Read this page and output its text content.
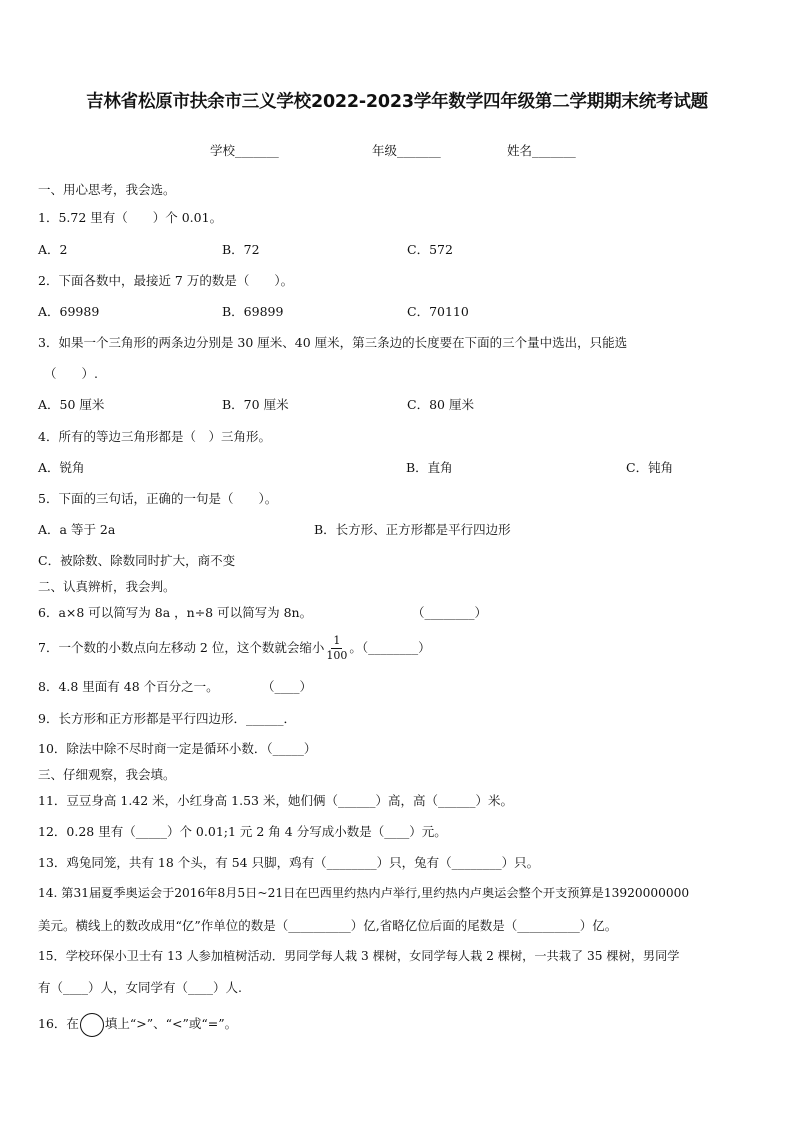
吉林省松原市扶余市三义学校2022-2023学年数学四年级第二学期期末统考试题
学校_______	年级_______	姓名_______
一、用心思考，我会选。
1．5.72 里有（　　）个 0.01。
A．2	B．72	C．572
2．下面各数中，最接近 7 万的数是（　　）。
A．69989	B．69899	C．70110
3．如果一个三角形的两条边分别是 30 厘米、40 厘米，第三条边的长度要在下面的三个量中选出，只能选
（　　）.
A．50 厘米	B．70 厘米	C．80 厘米
4．所有的等边三角形都是（　）三角形。
A．锐角	B．直角	C．钝角
5．下面的三句话，正确的一句是（　　）。
A．a 等于 2a	B．长方形、正方形都是平行四边形
C．被除数、除数同时扩大，商不变
二、认真辨析，我会判。
6．a×8 可以简写为 8a ，n÷8 可以简写为 8n。	（________）
7．一个数的小数点向左移动 2 位，这个数就会缩小 $\frac{1}{100}$ 。（________）
8．4.8 里面有 48 个百分之一。	（____）
9．长方形和正方形都是平行四边形．______．
10．除法中除不尽时商一定是循环小数．（_____）
三、仔细观察，我会填。
11．豆豆身高 1.42 米，小红身高 1.53 米，她们俩（______）高，高（______）米。
12．0.28 里有（_____）个 0.01;1 元 2 角 4 分写成小数是（____）元。
13．鸡兔同笼，共有 18 个头，有 54 只脚，鸡有（________）只，兔有（________）只。
14. 第31届夏季奥运会于2016年8月5日~21日在巴西里约热内卢举行,里约热内卢奥运会整个开支预算是13920000000
美元。横线上的数改成用“亿”作单位的数是（__________）亿,省略亿位后面的尾数是（__________）亿。
15．学校环保小卫士有 13 人参加植树活动．男同学每人栽 3 棵树，女同学每人栽 2 棵树，一共栽了 35 棵树，男同学
有（____）人，女同学有（____）人.
16．在 填上“>”、“<”或“=”。
